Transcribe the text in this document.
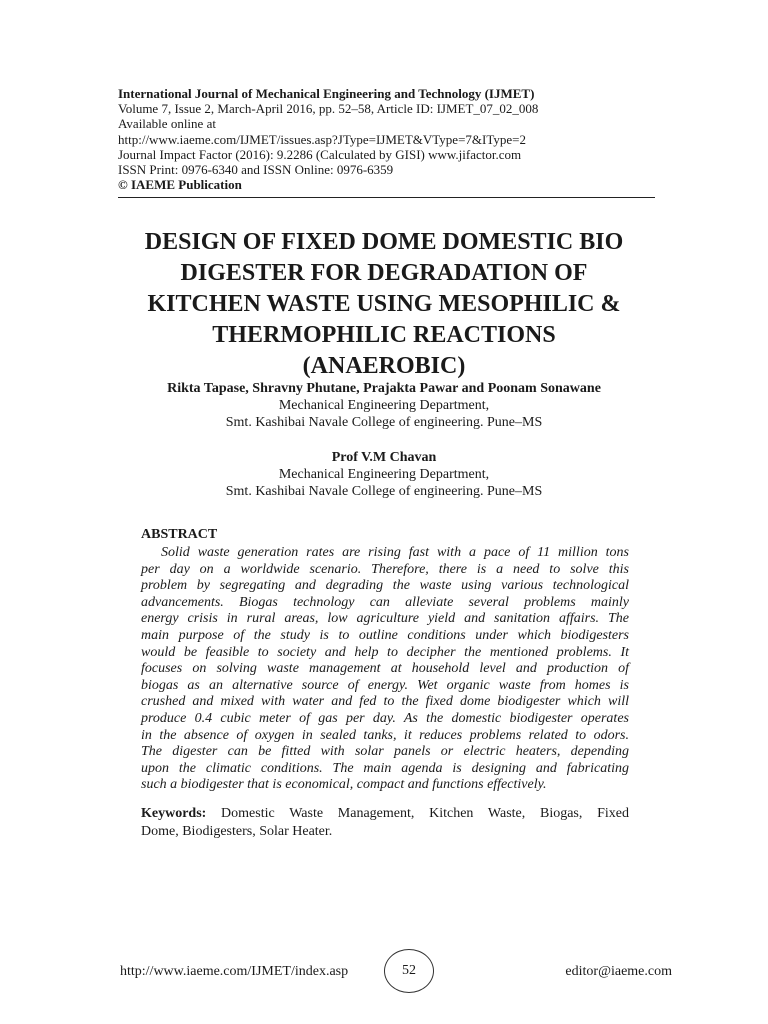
International Journal of Mechanical Engineering and Technology (IJMET)
Volume 7, Issue 2, March-April 2016, pp. 52–58, Article ID: IJMET_07_02_008
Available online at
http://www.iaeme.com/IJMET/issues.asp?JType=IJMET&VType=7&IType=2
Journal Impact Factor (2016): 9.2286 (Calculated by GISI) www.jifactor.com
ISSN Print: 0976-6340 and ISSN Online: 0976-6359
© IAEME Publication
DESIGN OF FIXED DOME DOMESTIC BIO
DIGESTER FOR DEGRADATION OF
KITCHEN WASTE USING MESOPHILIC &
THERMOPHILIC REACTIONS
(ANAEROBIC)
Rikta Tapase, Shravny Phutane, Prajakta Pawar and Poonam Sonawane
Mechanical Engineering Department,
Smt. Kashibai Navale College of engineering. Pune–MS
Prof V.M Chavan
Mechanical Engineering Department,
Smt. Kashibai Navale College of engineering. Pune–MS
ABSTRACT
Solid waste generation rates are rising fast with a pace of 11 million tons
per day on a worldwide scenario. Therefore, there is a need to solve this
problem by segregating and degrading the waste using various technological
advancements. Biogas technology can alleviate several problems mainly
energy crisis in rural areas, low agriculture yield and sanitation affairs. The
main purpose of the study is to outline conditions under which biodigesters
would be feasible to society and help to decipher the mentioned problems. It
focuses on solving waste management at household level and production of
biogas as an alternative source of energy. Wet organic waste from homes is
crushed and mixed with water and fed to the fixed dome biodigester which will
produce 0.4 cubic meter of gas per day. As the domestic biodigester operates
in the absence of oxygen in sealed tanks, it reduces problems related to odors.
The digester can be fitted with solar panels or electric heaters, depending
upon the climatic conditions. The main agenda is designing and fabricating
such a biodigester that is economical, compact and functions effectively.
Keywords: Domestic Waste Management, Kitchen Waste, Biogas, Fixed
Dome, Biodigesters, Solar Heater.
http://www.iaeme.com/IJMET/index.asp	52	editor@iaeme.com
